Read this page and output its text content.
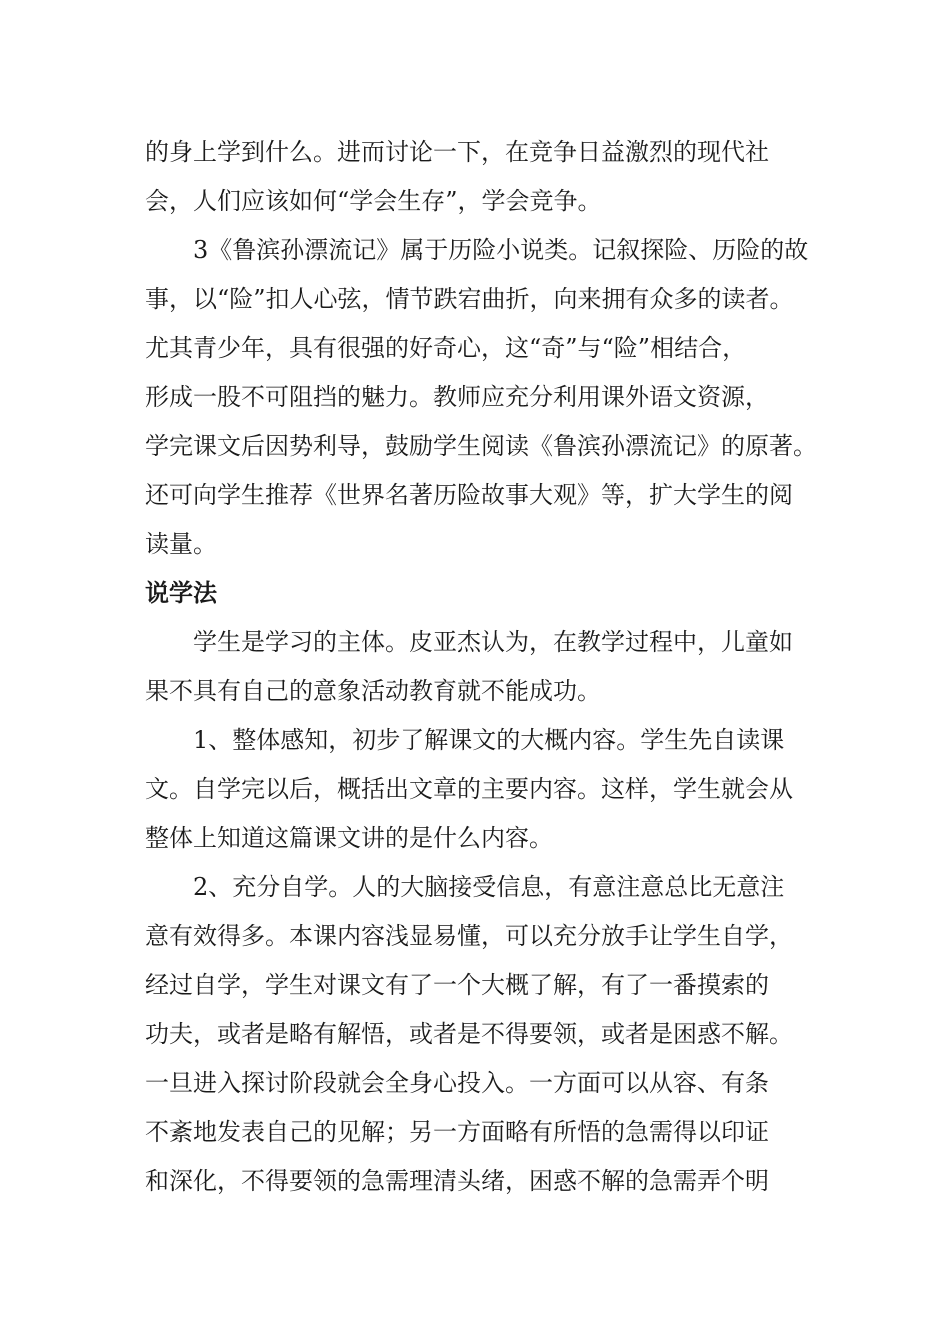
的身上学到什么。进而讨论一下，在竞争日益激烈的现代社
会，人们应该如何“学会生存”，学会竞争。
3《鲁滨孙漂流记》属于历险小说类。记叙探险、历险的故
事，以“险”扣人心弦，情节跌宕曲折，向来拥有众多的读者。
尤其青少年，具有很强的好奇心，这“奇”与“险”相结合，
形成一股不可阻挡的魅力。教师应充分利用课外语文资源，
学完课文后因势利导，鼓励学生阅读《鲁滨孙漂流记》的原著。
还可向学生推荐《世界名著历险故事大观》等，扩大学生的阅
读量。
说学法
学生是学习的主体。皮亚杰认为，在教学过程中，儿童如
果不具有自己的意象活动教育就不能成功。
1、整体感知，初步了解课文的大概内容。学生先自读课
文。自学完以后，概括出文章的主要内容。这样，学生就会从
整体上知道这篇课文讲的是什么内容。
2、充分自学。人的大脑接受信息，有意注意总比无意注
意有效得多。本课内容浅显易懂，可以充分放手让学生自学，
经过自学，学生对课文有了一个大概了解，有了一番摸索的
功夫，或者是略有解悟，或者是不得要领，或者是困惑不解。
一旦进入探讨阶段就会全身心投入。一方面可以从容、有条
不紊地发表自己的见解；另一方面略有所悟的急需得以印证
和深化，不得要领的急需理清头绪，困惑不解的急需弄个明
